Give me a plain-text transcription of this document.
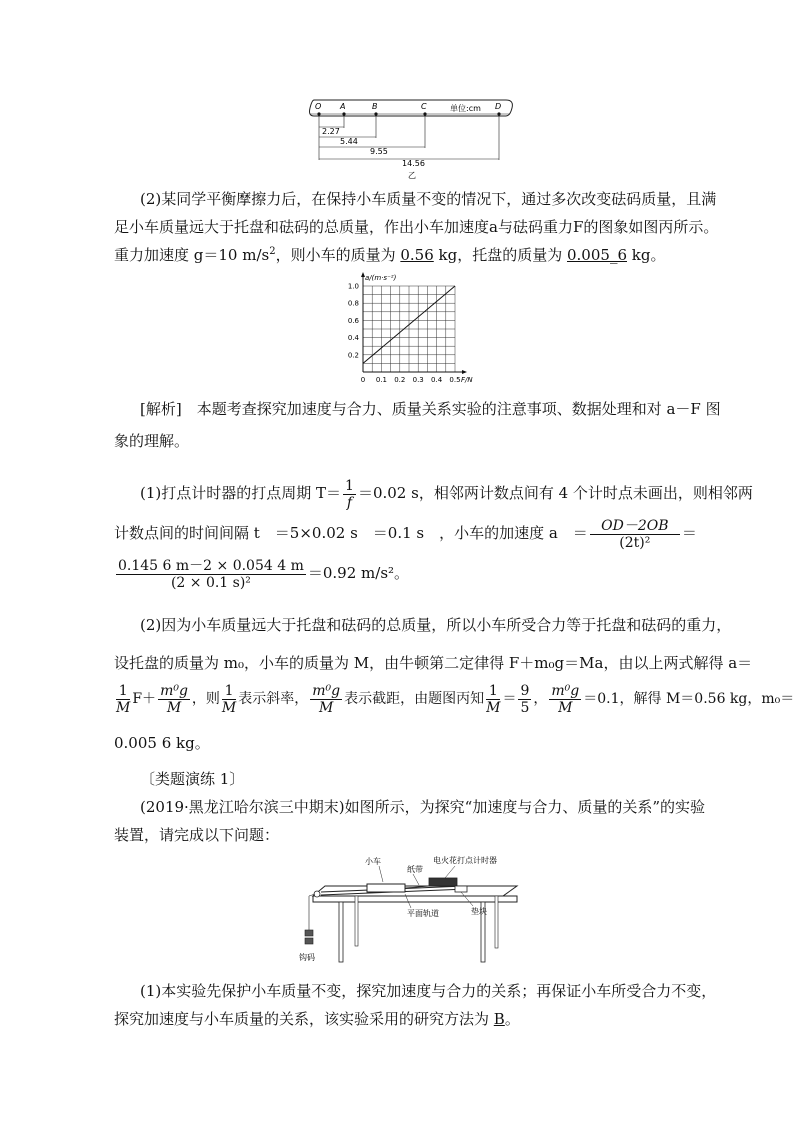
O A	B	C	D
单位:cm
2.27
5.44
9.55
14.56
乙
(2)某同学平衡摩擦力后，在保持小车质量不变的情况下，通过多次改变砝码质量，且满
足小车质量远大于托盘和砝码的总质量，作出小车加速度a与砝码重力F的图象如图丙所示。
重力加速度 g＝10 $m/s^2$，则小车的质量为 0.56 kg，托盘的质量为 0.005_6 kg。
0 0.1 0.2 0.3 0.4 0.5
0.2
0.4
0.6
0.8
1.0
a/(m·s⁻²)
F/N
[解析]　本题考查探究加速度与合力、质量关系实验的注意事项、数据处理和对 a－F 图
象的理解。
(1)打点计时器的打点周期 $T= \frac{1}{f} =0.02$ s，相邻两计数点间有 4 个计时点未画出，则相邻两
计数点间的时间间隔 t　＝5×0.02 s　＝0.1 s　，小车的加速度 a　＝ $\frac{OD-2OB}{\text{(2t)²}}$ ＝
$\frac{0.145 6 m-2 \times 0.054 4 m}{\text{(2 × 0.1 s)²}} =0.92$ m/s²。
(2)因为小车质量远大于托盘和砝码的总质量，所以小车所受合力等于托盘和砝码的重力，
设托盘的质量为 m₀，小车的质量为 M，由牛顿第二定律得 F＋m₀g＝Ma，由以上两式解得 a＝
$\frac{1}{M} F+ \frac{\text{m⁰g}}{M}$ ，则 $\frac{1}{M}$ 表示斜率， $\frac{\text{m⁰g}}{M}$ 表示截距，由题图丙知 $\frac{1}{M} = \frac{9}{5}$ ， $\frac{\text{m⁰g}}{M} =0.1$，解得 M＝0.56 kg，m₀＝
0.005 6 kg。
〔类题演练 1〕
(2019·黑龙江哈尔滨三中期末)如图所示，为探究“加速度与合力、质量的关系”的实验
装置，请完成以下问题：
小车
纸带
电火花打点计时器
平面轨道	垫块
钩码
(1)本实验先保护小车质量不变，探究加速度与合力的关系；再保证小车所受合力不变，
探究加速度与小车质量的关系，该实验采用的研究方法为 B。
